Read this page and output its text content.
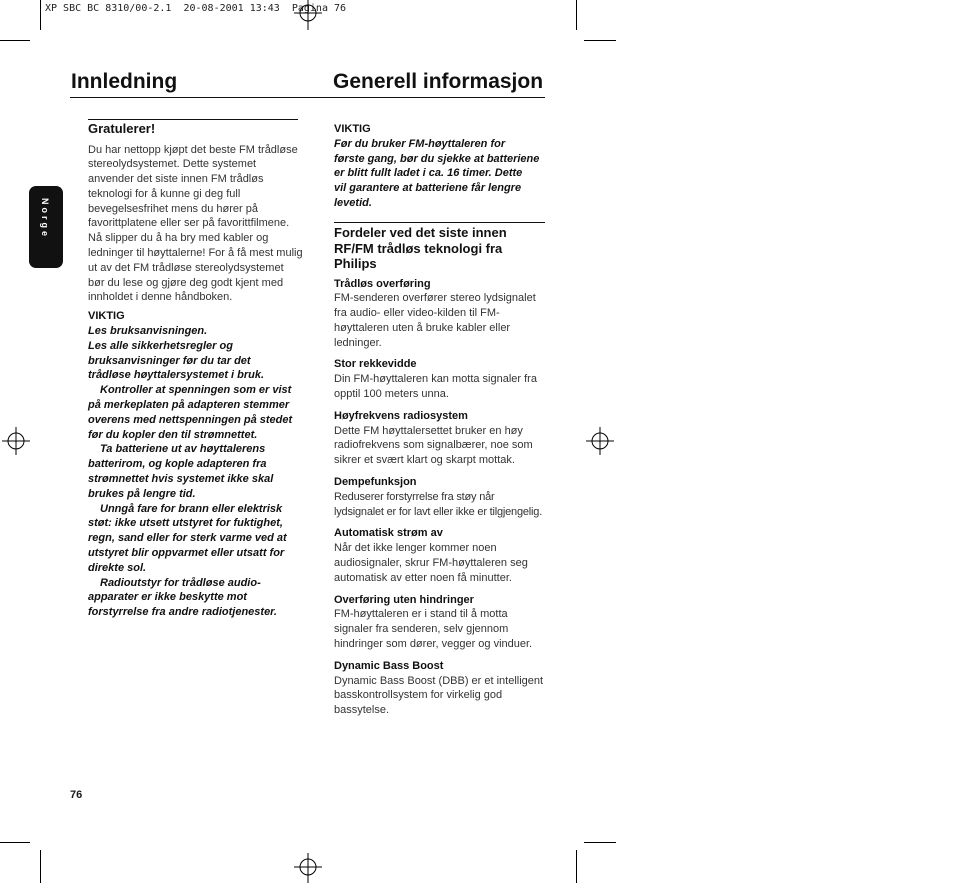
XP SBC BC 8310/00-2.1  20-08-2001 13:43  Pagina 76
Innledning	Generell informasjon
Norge

Gratulerer!

Du har nettopp kjøpt det beste FM trådløse
stereolydsystemet. Dette systemet
anvender det siste innen FM trådløs
teknologi for å kunne gi deg full
bevegelsesfrihet mens du hører på
favorittplatene eller ser på favorittfilmene.
Nå slipper du å ha bry med kabler og
ledninger til høyttalerne! For å få mest mulig
ut av det FM trådløse stereolydsystemet
bør du lese og gjøre deg godt kjent med
innholdet i denne håndboken.

VIKTIG

Les bruksanvisningen.
Les alle sikkerhetsregler og
bruksanvisninger før du tar det
trådløse høyttalersystemet i bruk.

Kontroller at spenningen som er vist
på merkeplaten på adapteren stemmer
overens med nettspenningen på stedet
før du kopler den til strømnettet.

Ta batteriene ut av høyttalerens
batterirom, og kople adapteren fra
strømnettet hvis systemet ikke skal
brukes på lengre tid.

Unngå fare for brann eller elektrisk
støt: ikke utsett utstyret for fuktighet,
regn, sand eller for sterk varme ved at
utstyret blir oppvarmet eller utsatt for
direkte sol.

Radioutstyr for trådløse audio-
apparater er ikke beskytte mot
forstyrrelse fra andre radiotjenester.

VIKTIG

Før du bruker FM-høyttaleren for
første gang, bør du sjekke at batteriene
er blitt fullt ladet i ca. 16 timer. Dette
vil garantere at batteriene får lengre
levetid.

Fordeler ved det siste innen
RF/FM trådløs teknologi fra
Philips

Trådløs overføring

FM-senderen overfører stereo lydsignalet
fra audio- eller video-kilden til FM-
høyttaleren uten å bruke kabler eller
ledninger.

Stor rekkevidde

Din FM-høyttaleren kan motta signaler fra
opptil 100 meters unna.

Høyfrekvens radiosystem

Dette FM høyttalersettet bruker en høy
radiofrekvens som signalbærer, noe som
sikrer et svært klart og skarpt mottak.

Dempefunksjon

Reduserer forstyrrelse fra støy når
lydsignalet er for lavt eller ikke er tilgjengelig.

Automatisk strøm av

Når det ikke lenger kommer noen
audiosignaler, skrur FM-høyttaleren seg
automatisk av etter noen få minutter.

Overføring uten hindringer

FM-høyttaleren er i stand til å motta
signaler fra senderen, selv gjennom
hindringer som dører, vegger og vinduer.

Dynamic Bass Boost

Dynamic Bass Boost (DBB) er et intelligent
basskontrollsystem for virkelig god
bassytelse.

76
